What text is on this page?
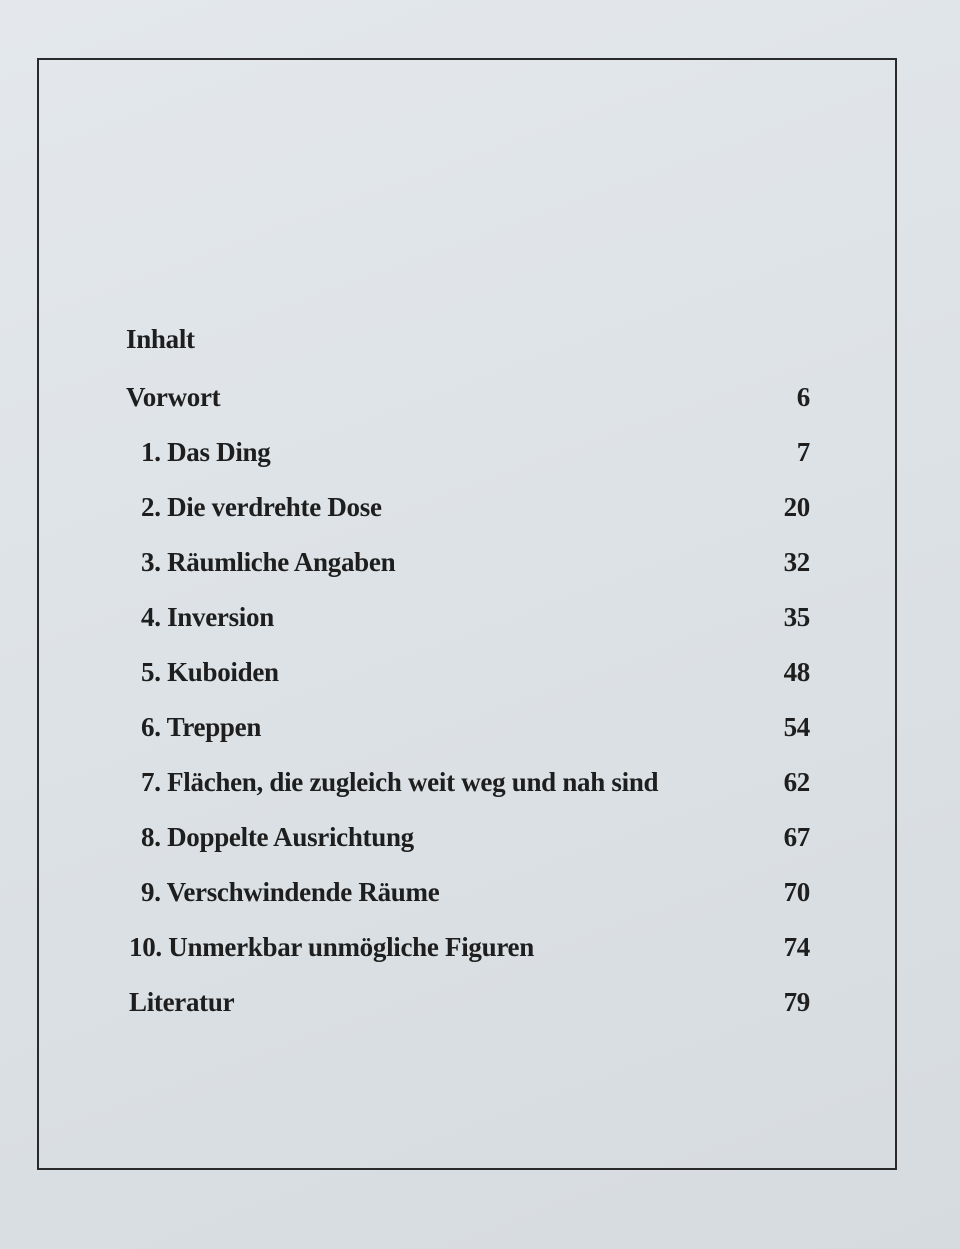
Inhalt
Vorwort	6
1. Das Ding	7
2. Die verdrehte Dose	20
3. Räumliche Angaben	32
4. Inversion	35
5. Kuboiden	48
6. Treppen	54
7. Flächen, die zugleich weit weg und nah sind	62
8. Doppelte Ausrichtung	67
9. Verschwindende Räume	70
10. Unmerkbar unmögliche Figuren	74
Literatur	79
